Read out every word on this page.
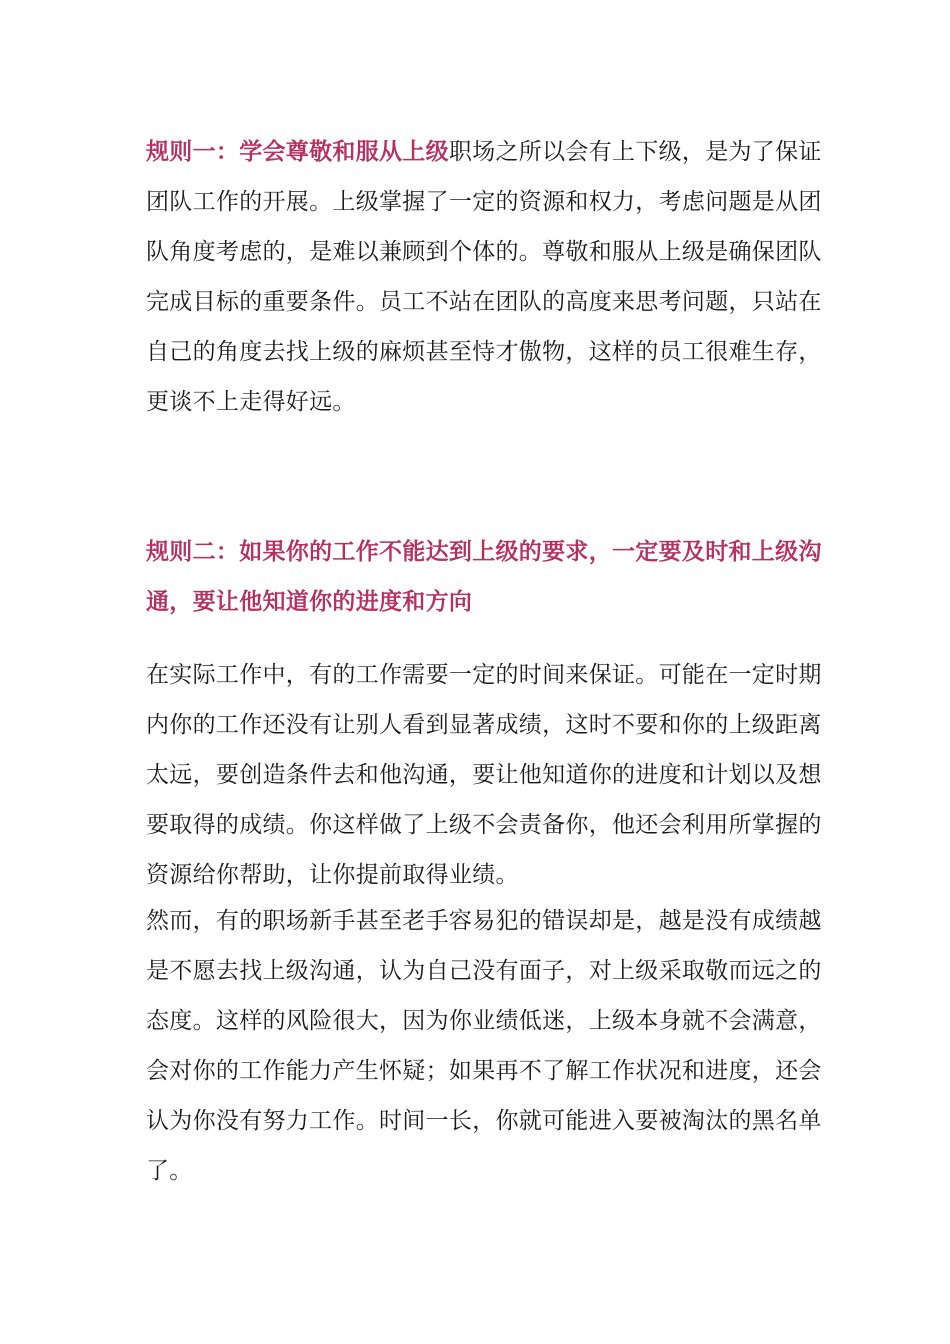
规则一：学会尊敬和服从上级职场之所以会有上下级，是为了保证
团队工作的开展。上级掌握了一定的资源和权力，考虑问题是从团
队角度考虑的，是难以兼顾到个体的。尊敬和服从上级是确保团队
完成目标的重要条件。员工不站在团队的高度来思考问题，只站在
自己的角度去找上级的麻烦甚至恃才傲物，这样的员工很难生存，
更谈不上走得好远。
规则二：如果你的工作不能达到上级的要求，一定要及时和上级沟
通，要让他知道你的进度和方向
在实际工作中，有的工作需要一定的时间来保证。可能在一定时期
内你的工作还没有让别人看到显著成绩，这时不要和你的上级距离
太远，要创造条件去和他沟通，要让他知道你的进度和计划以及想
要取得的成绩。你这样做了上级不会责备你，他还会利用所掌握的
资源给你帮助，让你提前取得业绩。
然而，有的职场新手甚至老手容易犯的错误却是，越是没有成绩越
是不愿去找上级沟通，认为自己没有面子，对上级采取敬而远之的
态度。这样的风险很大，因为你业绩低迷，上级本身就不会满意，
会对你的工作能力产生怀疑；如果再不了解工作状况和进度，还会
认为你没有努力工作。时间一长，你就可能进入要被淘汰的黑名单
了。
